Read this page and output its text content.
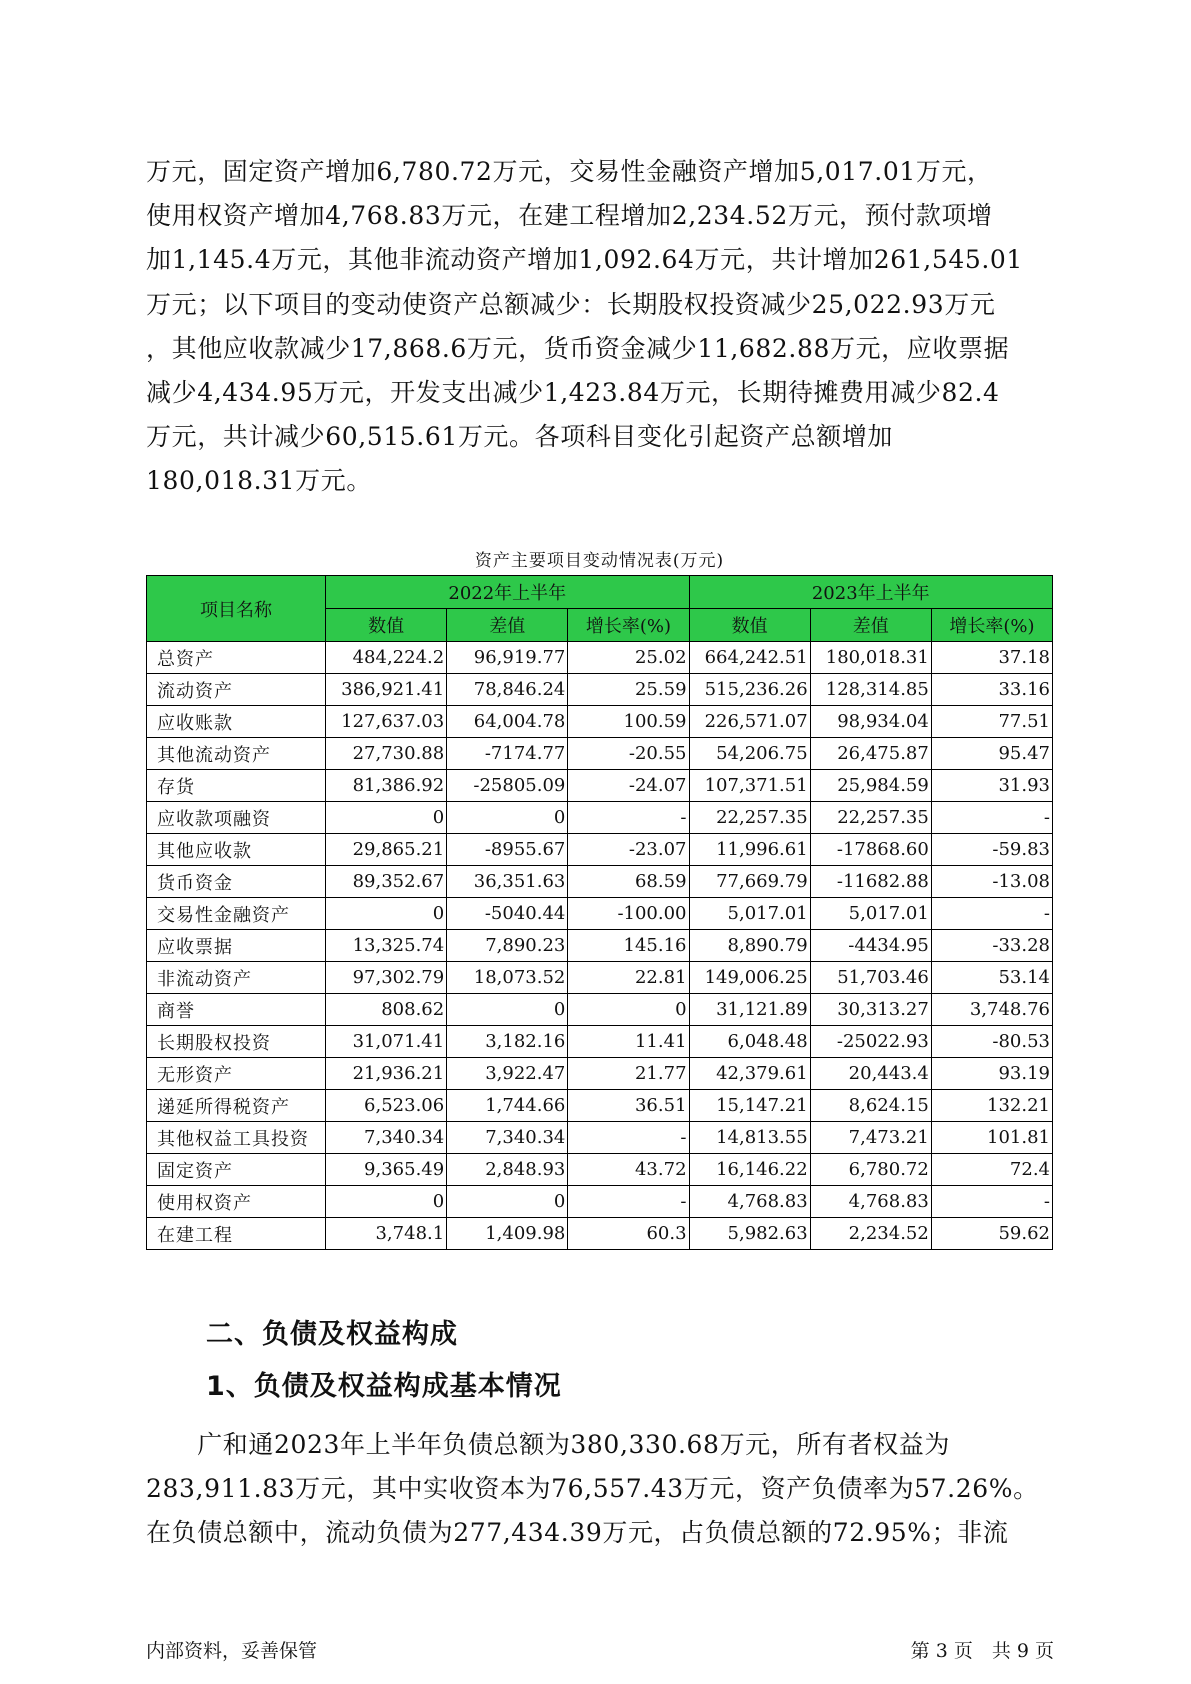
万元，固定资产增加6,780.72万元，交易性金融资产增加5,017.01万元，
使用权资产增加4,768.83万元，在建工程增加2,234.52万元，预付款项增
加1,145.4万元，其他非流动资产增加1,092.64万元，共计增加261,545.01
万元；以下项目的变动使资产总额减少：长期股权投资减少25,022.93万元
，其他应收款减少17,868.6万元，货币资金减少11,682.88万元，应收票据
减少4,434.95万元，开发支出减少1,423.84万元，长期待摊费用减少82.4
万元，共计减少60,515.61万元。各项科目变化引起资产总额增加
180,018.31万元。
资产主要项目变动情况表(万元)
项目名称	2022年上半年			2023年上半年		
	数值	差值	增长率(%)	数值	差值	增长率(%)
总资产	484,224.2	96,919.77	25.02	664,242.51	180,018.31	37.18
流动资产	386,921.41	78,846.24	25.59	515,236.26	128,314.85	33.16
应收账款	127,637.03	64,004.78	100.59	226,571.07	98,934.04	77.51
其他流动资产	27,730.88	-7174.77	-20.55	54,206.75	26,475.87	95.47
存货	81,386.92	-25805.09	-24.07	107,371.51	25,984.59	31.93
应收款项融资	0	0	-	22,257.35	22,257.35	-
其他应收款	29,865.21	-8955.67	-23.07	11,996.61	-17868.60	-59.83
货币资金	89,352.67	36,351.63	68.59	77,669.79	-11682.88	-13.08
交易性金融资产	0	-5040.44	-100.00	5,017.01	5,017.01	-
应收票据	13,325.74	7,890.23	145.16	8,890.79	-4434.95	-33.28
非流动资产	97,302.79	18,073.52	22.81	149,006.25	51,703.46	53.14
商誉	808.62	0	0	31,121.89	30,313.27	3,748.76
长期股权投资	31,071.41	3,182.16	11.41	6,048.48	-25022.93	-80.53
无形资产	21,936.21	3,922.47	21.77	42,379.61	20,443.4	93.19
递延所得税资产	6,523.06	1,744.66	36.51	15,147.21	8,624.15	132.21
其他权益工具投资	7,340.34	7,340.34	-	14,813.55	7,473.21	101.81
固定资产	9,365.49	2,848.93	43.72	16,146.22	6,780.72	72.4
使用权资产	0	0	-	4,768.83	4,768.83	-
在建工程	3,748.1	1,409.98	60.3	5,982.63	2,234.52	59.62
二、负债及权益构成
1、负债及权益构成基本情况
　　广和通2023年上半年负债总额为380,330.68万元，所有者权益为
283,911.83万元，其中实收资本为76,557.43万元，资产负债率为57.26%。
在负债总额中，流动负债为277,434.39万元，占负债总额的72.95%；非流
内部资料，妥善保管	第 3 页　共 9 页
